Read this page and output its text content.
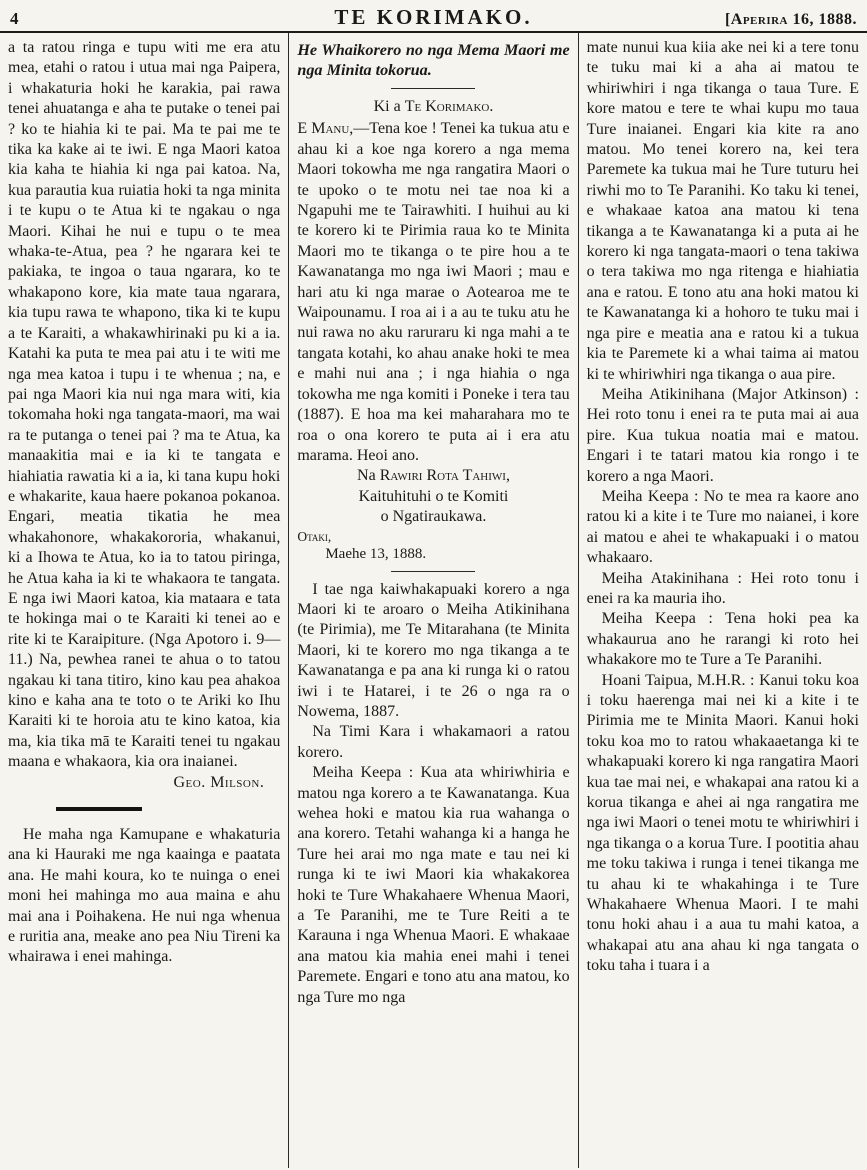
4	TE KORIMAKO.	[Aperira 16, 1888.

a ta ratou ringa e tupu witi me era atu mea, etahi o ratou i utua mai nga Paipera, i whakaturia hoki he karakia, pai rawa tenei ahuatanga e aha te putake o tenei pai ? ko te hiahia ki te pai. Ma te pai me te tika ka kake ai te iwi. E nga Maori katoa kia kaha te hiahia ki nga pai katoa. Na, kua parautia kua ruiatia hoki ta nga minita i te kupu o te Atua ki te ngakau o nga Maori. Kihai he nui e tupu o te mea whaka-te-Atua, pea ? he ngarara kei te pakiaka, te ingoa o taua ngarara, ko te whakapono kore, kia mate taua ngarara, kia tupu rawa te whapono, tika ki te kupu a te Karaiti, a whakawhirinaki pu ki a ia. Katahi ka puta te mea pai atu i te witi me nga mea katoa i tupu i te whenua ; na, e pai nga Maori kia nui nga mara witi, kia tokomaha hoki nga tangata-maori, ma wai ra te putanga o tenei pai ? ma te Atua, ka manaakitia mai e ia ki te tangata e hiahiatia rawatia ki a ia, ki tana kupu hoki e whakarite, kaua haere pokanoa pokanoa. Engari, meatia tikatia he mea whakahonore, whakakororia, whakanui, ki a Ihowa te Atua, ko ia to tatou piringa, he Atua kaha ia ki te whakaora te tangata. E nga iwi Maori katoa, kia mataara e tata te hokinga mai o te Karaiti ki tenei ao e rite ki te Karaipiture. (Nga Apotoro i. 9—11.) Na, pewhea ranei te ahua o to tatou ngakau ki tana titiro, kino kau pea ahakoa kino e kaha ana te toto o te Ariki ko Ihu Karaiti ki te horoia atu te kino katoa, kia ma, kia tika mā te Karaiti tenei tu ngakau maana e whakaora, kia ora inaianei.

Geo. Milson.

He maha nga Kamupane e whakaturia ana ki Hauraki me nga kaainga e paatata ana. He mahi koura, ko te nuinga o enei moni hei mahinga mo aua maina e ahu mai ana i Poihakena. He nui nga whenua e ruritia ana, meake ano pea Niu Tireni ka whairawa i enei mahinga.

He Whaikorero no nga Mema Maori me nga Minita tokorua.

Ki a Te Korimako.

E Manu,—Tena koe ! Tenei ka tukua atu e ahau ki a koe nga korero a nga mema Maori tokowha me nga rangatira Maori o te upoko o te motu nei tae noa ki a Ngapuhi me te Tairawhiti. I huihui au ki te korero ki te Pirimia raua ko te Minita Maori mo te tikanga o te pire hou a te Kawanatanga mo nga iwi Maori ; mau e hari atu ki nga marae o Aotearoa me te Waipounamu. I roa ai i a au te tuku atu he nui rawa no aku raruraru ki nga mahi a te tangata kotahi, ko ahau anake hoki te mea e mahi nui ana ; i nga hiahia o nga tokowha me nga komiti i Poneke i tera tau (1887). E hoa ma kei maharahara mo te roa o ona korero te puta ai i era atu marama. Heoi ano.

Na Rawiri Rota Tahiwi,

Kaituhituhi o te Komiti

o Ngatiraukawa.

Otaki,

Maehe 13, 1888.

I tae nga kaiwhakapuaki korero a nga Maori ki te aroaro o Meiha Atikinihana (te Pirimia), me Te Mitarahana (te Minita Maori, ki te korero mo nga tikanga a te Kawanatanga e pa ana ki runga ki o ratou iwi i te Hatarei, i te 26 o nga ra o Nowema, 1887.

Na Timi Kara i whakamaori a ratou korero.

Meiha Keepa : Kua ata whiriwhiria e matou nga korero a te Kawanatanga. Kua wehea hoki e matou kia rua wahanga o ana korero. Tetahi wahanga ki a hanga he Ture hei arai mo nga mate e tau nei ki runga ki te iwi Maori kia whakakorea hoki te Ture Whakahaere Whenua Maori, a Te Paranihi, me te Ture Reiti a te Karauna i nga Whenua Maori. E whakaae ana matou kia mahia enei mahi i tenei Paremete. Engari e tono atu ana matou, ko nga Ture mo nga

mate nunui kua kiia ake nei ki a tere tonu te tuku mai ki a aha ai matou te whiriwhiri i nga tikanga o taua Ture. E kore matou e tere te whai kupu mo taua Ture inaianei. Engari kia kite ra ano matou. Mo tenei korero na, kei tera Paremete ka tukua mai he Ture tuturu hei riwhi mo to Te Paranihi. Ko taku ki tenei, e whakaae katoa ana matou ki tena tikanga a te Kawanatanga ki a puta ai he korero ki nga tangata-maori o tena takiwa o tera takiwa mo nga ritenga e hiahiatia ana e ratou. E tono atu ana hoki matou ki te Kawanatanga ki a hohoro te tuku mai i nga pire e meatia ana e ratou ki a tukua kia te Paremete ki a whai taima ai matou ki te whiriwhiri nga tikanga o aua pire.

Meiha Atikinihana (Major Atkinson) : Hei roto tonu i enei ra te puta mai ai aua pire. Kua tukua noatia mai e matou. Engari i te tatari matou kia rongo i te korero a nga Maori.

Meiha Keepa : No te mea ra kaore ano ratou ki a kite i te Ture mo naianei, i kore ai matou e ahei te whakapuaki i o matou whakaaro.

Meiha Atakinihana : Hei roto tonu i enei ra ka mauria iho.

Meiha Keepa : Tena hoki pea ka whakaurua ano he rarangi ki roto hei whakakore mo te Ture a Te Paranihi.

Hoani Taipua, M.H.R. : Kanui toku koa i toku haerenga mai nei ki a kite i te Pirimia me te Minita Maori. Kanui hoki toku koa mo to ratou whakaaetanga ki te whakapuaki korero ki nga rangatira Maori kua tae mai nei, e whakapai ana ratou ki a korua tikanga e ahei ai nga rangatira me nga iwi Maori o tenei motu te whiriwhiri i nga tikanga o a korua Ture. I pootitia ahau me toku takiwa i runga i tenei tikanga me tu ahau ki te whakahinga i te Ture Whakahaere Whenua Maori. I te mahi tonu hoki ahau i a aua tu mahi katoa, a whakapai atu ana ahau ki nga tangata o toku taha i tuara i a
